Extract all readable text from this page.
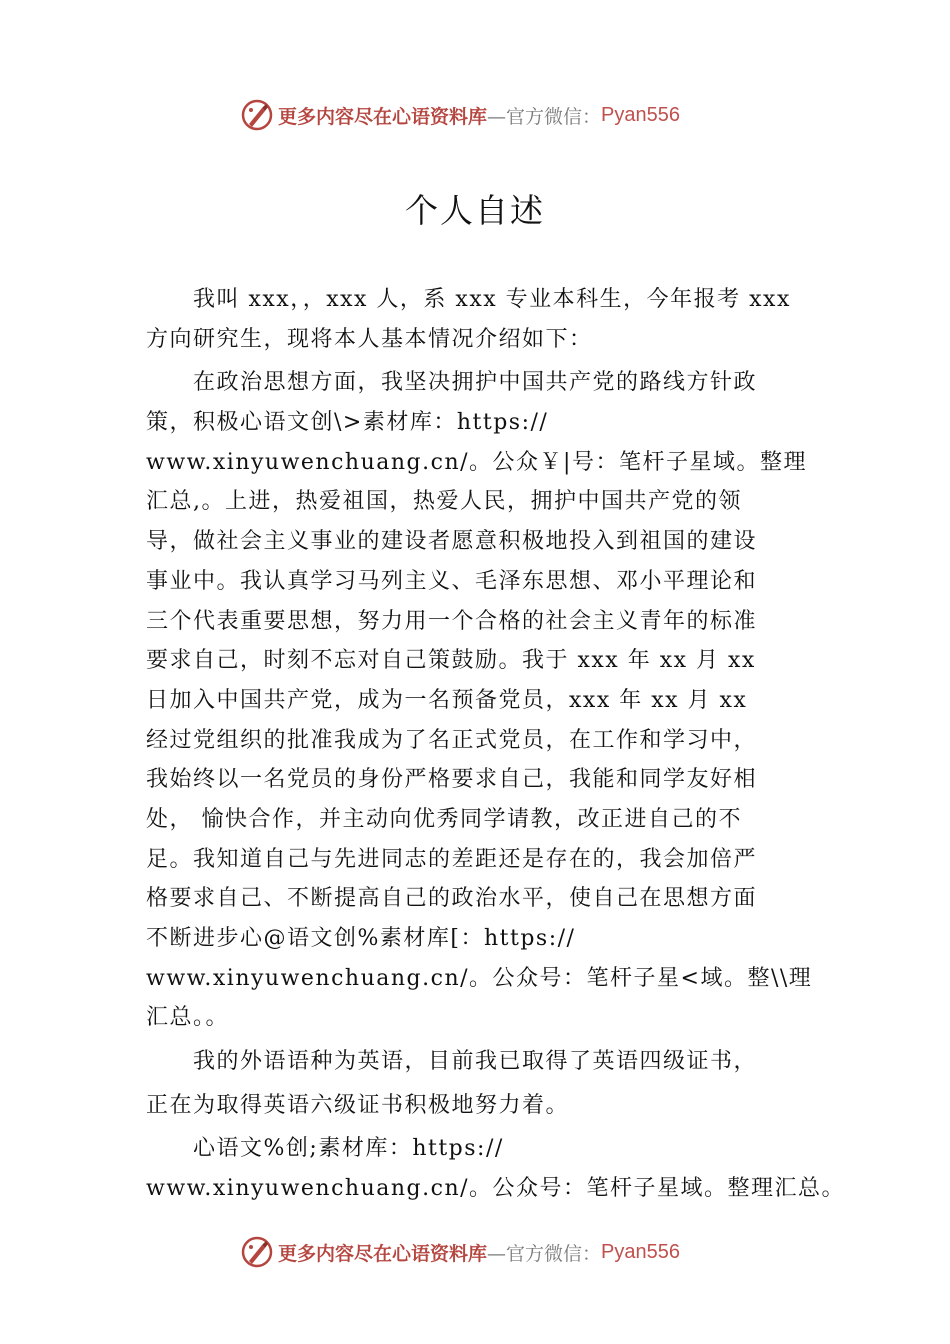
更多内容尽在心语资料库 —官方微信： Pyan556
个人自述
　　我叫 xxx，，xxx 人，系 xxx 专业本科生，今年报考 xxx
方向研究生，现将本人基本情况介绍如下：
　　在政治思想方面，我坚决拥护中国共产党的路线方针政
策，积极心语文创\>素材库：https://
www.xinyuwenchuang.cn/。公众￥|号：笔杆子星域。整理
汇总,。上进，热爱祖国，热爱人民，拥护中国共产党的领
导，做社会主义事业的建设者愿意积极地投入到祖国的建设
事业中。我认真学习马列主义、毛泽东思想、邓小平理论和
三个代表重要思想，努力用一个合格的社会主义青年的标准
要求自己，时刻不忘对自己策鼓励。我于 xxx 年 xx 月 xx
日加入中国共产党，成为一名预备党员，xxx 年 xx 月 xx
经过党组织的批准我成为了名正式党员，在工作和学习中，
我始终以一名党员的身份严格要求自己，我能和同学友好相
处， 愉快合作，并主动向优秀同学请教，改正进自己的不
足。我知道自己与先进同志的差距还是存在的，我会加倍严
格要求自己、不断提高自己的政治水平，使自己在思想方面
不断进步心@语文创%素材库[：https://
www.xinyuwenchuang.cn/。公众号：笔杆子星<域。整\\理
汇总。。
　　我的外语语种为英语，目前我已取得了英语四级证书，
正在为取得英语六级证书积极地努力着。
　　心语文%创;素材库：https://
www.xinyuwenchuang.cn/。公众号：笔杆子星域。整理汇总。
更多内容尽在心语资料库 —官方微信： Pyan556
